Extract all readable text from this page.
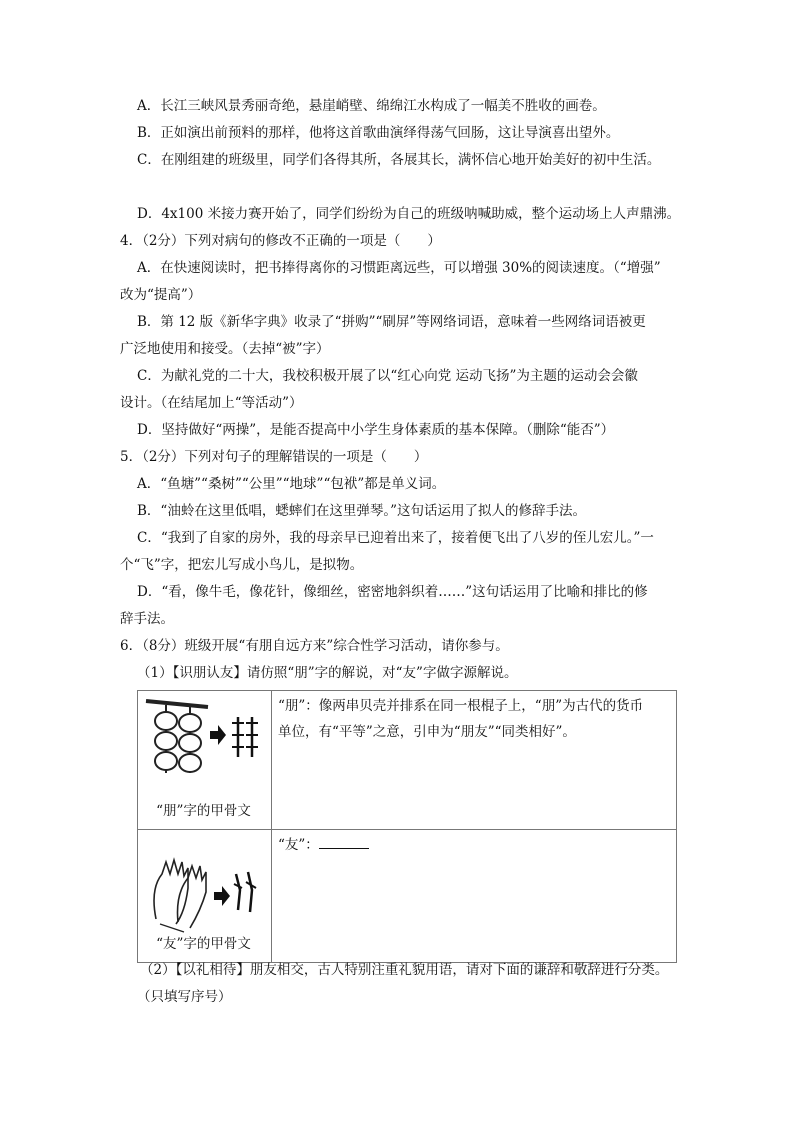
A．长江三峡风景秀丽奇绝，悬崖峭壁、绵绵江水构成了一幅美不胜收的画卷。
B．正如演出前预料的那样，他将这首歌曲演绎得荡气回肠，这让导演喜出望外。
C．在刚组建的班级里，同学们各得其所，各展其长，满怀信心地开始美好的初中生活。
D．4x100 米接力赛开始了，同学们纷纷为自己的班级呐喊助威，整个运动场上人声鼎沸。
4．（2分）下列对病句的修改不正确的一项是（　　）
A．在快速阅读时，把书捧得离你的习惯距离远些，可以增强 30%的阅读速度。（“增强”
改为“提高”）
B．第 12 版《新华字典》收录了“拼购”“刷屏”等网络词语，意味着一些网络词语被更
广泛地使用和接受。（去掉“被”字）
C．为献礼党的二十大，我校积极开展了以“红心向党 运动飞扬”为主题的运动会会徽
设计。（在结尾加上“等活动”）
D．坚持做好“两操”，是能否提高中小学生身体素质的基本保障。（删除“能否”）
5．（2分）下列对句子的理解错误的一项是（　　）
A．“鱼塘”“桑树”“公里”“地球”“包袱”都是单义词。
B．“油蛉在这里低唱，蟋蟀们在这里弹琴。”这句话运用了拟人的修辞手法。
C．“我到了自家的房外，我的母亲早已迎着出来了，接着便飞出了八岁的侄儿宏儿。”一
个“飞”字，把宏儿写成小鸟儿，是拟物。
D．“看，像牛毛，像花针，像细丝，密密地斜织着……”这句话运用了比喻和排比的修
辞手法。
6．（8分）班级开展“有朋自远方来”综合性学习活动，请你参与。
（1）【识朋认友】请仿照“朋”字的解说，对“友”字做字源解说。
“朋”字的甲骨文	“朋”：像两串贝壳并排系在同一根棍子上，“朋”为古代的货币
单位，有“平等”之意，引申为“朋友”“同类相好”。

“友”字的甲骨文	“友”：
（2）【以礼相待】朋友相交，古人特别注重礼貌用语，请对下面的谦辞和敬辞进行分类。
（只填写序号）
